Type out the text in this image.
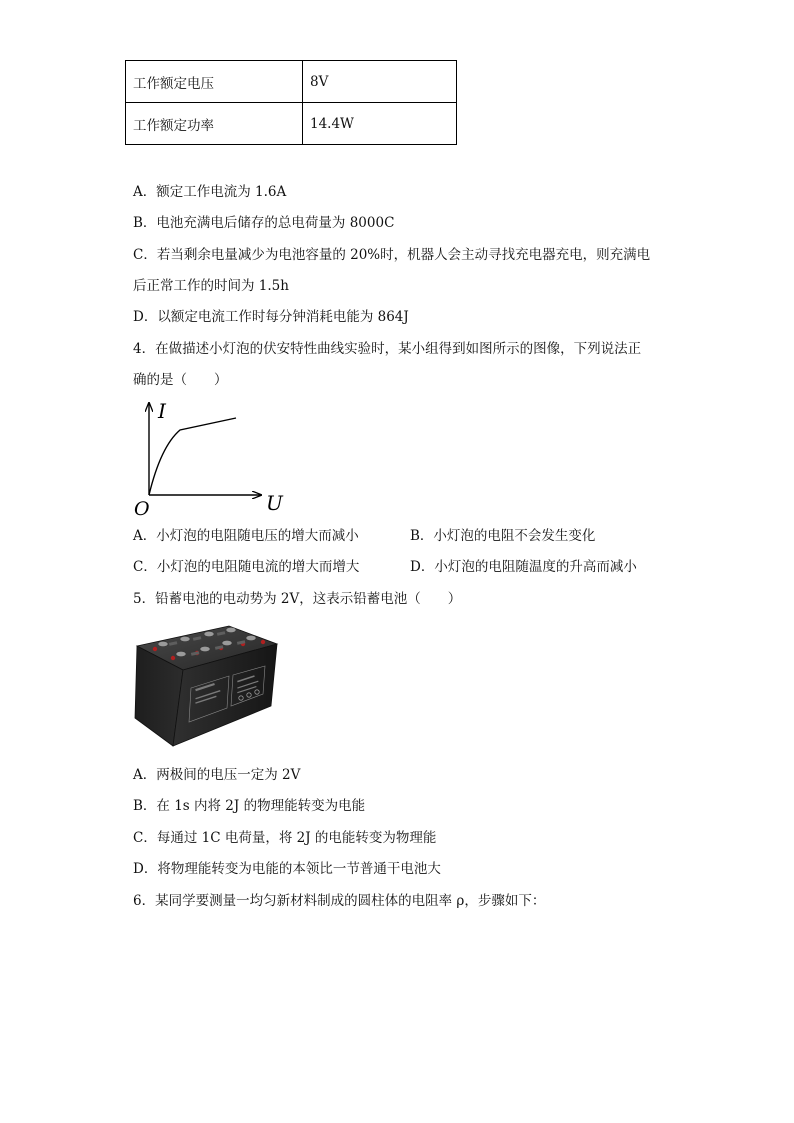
工作额定电压	8V
工作额定功率	14.4W
A．额定工作电流为 1.6A
B．电池充满电后储存的总电荷量为 8000C
C．若当剩余电量减少为电池容量的 20%时，机器人会主动寻找充电器充电，则充满电
后正常工作的时间为 1.5h
D．以额定电流工作时每分钟消耗电能为 864J
4．在做描述小灯泡的伏安特性曲线实验时，某小组得到如图所示的图像，下列说法正
确的是（　　）
I
U
O
A．小灯泡的电阻随电压的增大而减小	B．小灯泡的电阻不会发生变化
C．小灯泡的电阻随电流的增大而增大	D．小灯泡的电阻随温度的升高而减小
5．铅蓄电池的电动势为 2V，这表示铅蓄电池（　　）
A．两极间的电压一定为 2V
B．在 1s 内将 2J 的物理能转变为电能
C．每通过 1C 电荷量，将 2J 的电能转变为物理能
D．将物理能转变为电能的本领比一节普通干电池大
6．某同学要测量一均匀新材料制成的圆柱体的电阻率 ρ，步骤如下：
